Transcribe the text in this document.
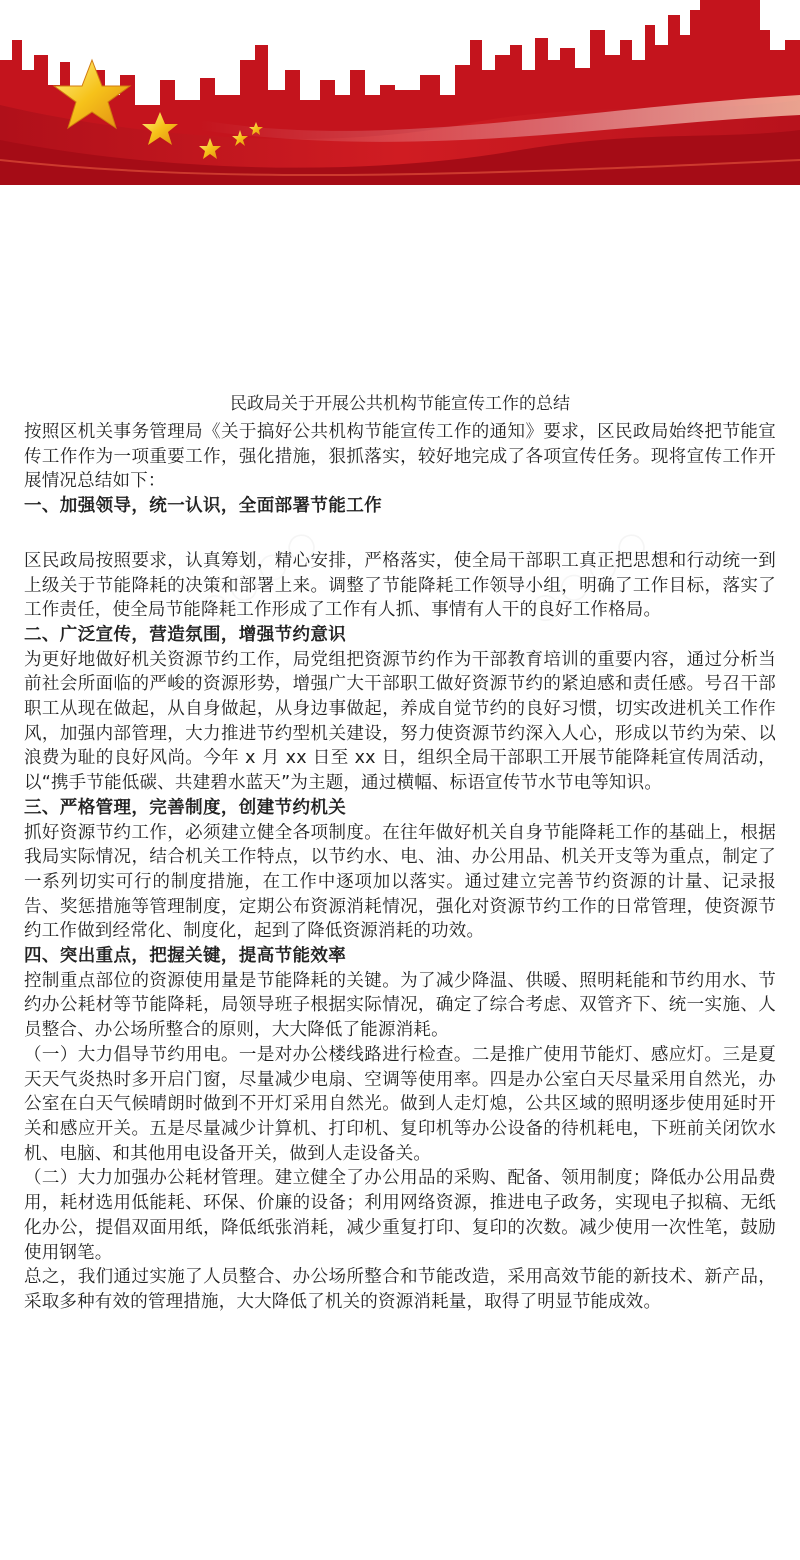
◯◯◯◯	◯◯◯◯

民政局关于开展公共机构节能宣传工作的总结

按照区机关事务管理局《关于搞好公共机构节能宣传工作的通知》要求，区民政局始终把节能宣传工作作为一项重要工作，强化措施，狠抓落实，较好地完成了各项宣传任务。现将宣传工作开展情况总结如下：

一、加强领导，统一认识，全面部署节能工作

区民政局按照要求，认真筹划，精心安排，严格落实，使全局干部职工真正把思想和行动统一到上级关于节能降耗的决策和部署上来。调整了节能降耗工作领导小组，明确了工作目标，落实了工作责任，使全局节能降耗工作形成了工作有人抓、事情有人干的良好工作格局。

二、广泛宣传，营造氛围，增强节约意识

为更好地做好机关资源节约工作，局党组把资源节约作为干部教育培训的重要内容，通过分析当前社会所面临的严峻的资源形势，增强广大干部职工做好资源节约的紧迫感和责任感。号召干部职工从现在做起，从自身做起，从身边事做起，养成自觉节约的良好习惯，切实改进机关工作作风，加强内部管理，大力推进节约型机关建设，努力使资源节约深入人心，形成以节约为荣、以浪费为耻的良好风尚。今年 x 月 xx 日至 xx 日，组织全局干部职工开展节能降耗宣传周活动，以“携手节能低碳、共建碧水蓝天”为主题，通过横幅、标语宣传节水节电等知识。

三、严格管理，完善制度，创建节约机关

抓好资源节约工作，必须建立健全各项制度。在往年做好机关自身节能降耗工作的基础上，根据我局实际情况，结合机关工作特点，以节约水、电、油、办公用品、机关开支等为重点，制定了一系列切实可行的制度措施，在工作中逐项加以落实。通过建立完善节约资源的计量、记录报告、奖惩措施等管理制度，定期公布资源消耗情况，强化对资源节约工作的日常管理，使资源节约工作做到经常化、制度化，起到了降低资源消耗的功效。

四、突出重点，把握关键，提高节能效率

控制重点部位的资源使用量是节能降耗的关键。为了减少降温、供暖、照明耗能和节约用水、节约办公耗材等节能降耗，局领导班子根据实际情况，确定了综合考虑、双管齐下、统一实施、人员整合、办公场所整合的原则，大大降低了能源消耗。

（一）大力倡导节约用电。一是对办公楼线路进行检查。二是推广使用节能灯、感应灯。三是夏天天气炎热时多开启门窗，尽量减少电扇、空调等使用率。四是办公室白天尽量采用自然光，办公室在白天气候晴朗时做到不开灯采用自然光。做到人走灯熄，公共区域的照明逐步使用延时开关和感应开关。五是尽量减少计算机、打印机、复印机等办公设备的待机耗电，下班前关闭饮水机、电脑、和其他用电设备开关，做到人走设备关。

（二）大力加强办公耗材管理。建立健全了办公用品的采购、配备、领用制度；降低办公用品费用，耗材选用低能耗、环保、价廉的设备；利用网络资源，推进电子政务，实现电子拟稿、无纸化办公，提倡双面用纸，降低纸张消耗，减少重复打印、复印的次数。减少使用一次性笔，鼓励使用钢笔。

总之，我们通过实施了人员整合、办公场所整合和节能改造，采用高效节能的新技术、新产品，采取多种有效的管理措施，大大降低了机关的资源消耗量，取得了明显节能成效。
